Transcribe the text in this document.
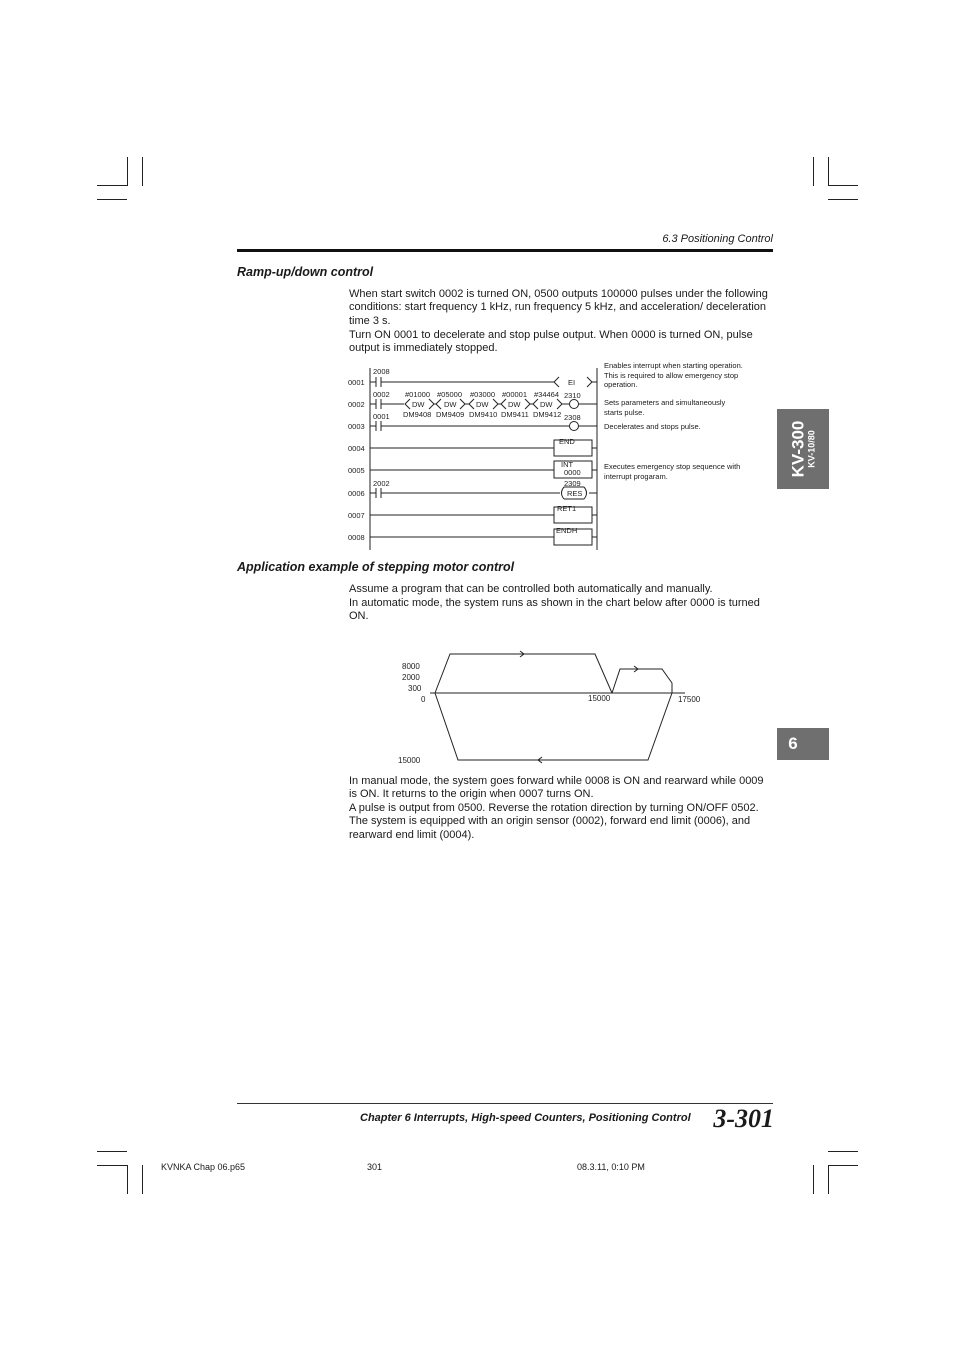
6.3 Positioning Control
KV-300 KV-10/80
6
Ramp-up/down control
When start switch 0002 is turned ON, 0500 outputs 100000 pulses under the following conditions: start frequency 1 kHz, run frequency 5 kHz, and acceleration/ deceleration time 3 s.
Turn ON 0001 to decelerate and stop pulse output. When 0000 is turned ON, pulse output is immediately stopped.
0001
0002
0003
0004
0005
0006
0007
0008
2008
0002
0001
2002
#01000 #05000 #03000 #00001 #34464
DW	DW	DW	DW	DW
DM9408 DM9409 DM9410 DM9411 DM9412
2310
2308
2309
EI
END
INT
0000
RES
RET1
ENDH
Enables interrupt when starting operation.
This is required to allow emergency stop
operation.
Sets parameters and simultaneously
starts pulse.
Decelerates and stops pulse.
Executes emergency stop sequence with
interrupt progaram.
Application example of stepping motor control
Assume a program that can be controlled both automatically and manually.
In automatic mode, the system runs as shown in the chart below after 0000 is turned ON.
8000
2000
300
0	15000	17500
15000
In manual mode, the system goes forward while 0008 is ON and rearward while 0009 is ON. It returns to the origin when 0007 turns ON.
A pulse is output from 0500. Reverse the rotation direction by turning ON/OFF 0502. The system is equipped with an origin sensor (0002), forward end limit (0006), and rearward end limit (0004).
Chapter 6 Interrupts, High-speed Counters, Positioning Control 3-301
KVNKA Chap 06.p65	301	08.3.11, 0:10 PM
